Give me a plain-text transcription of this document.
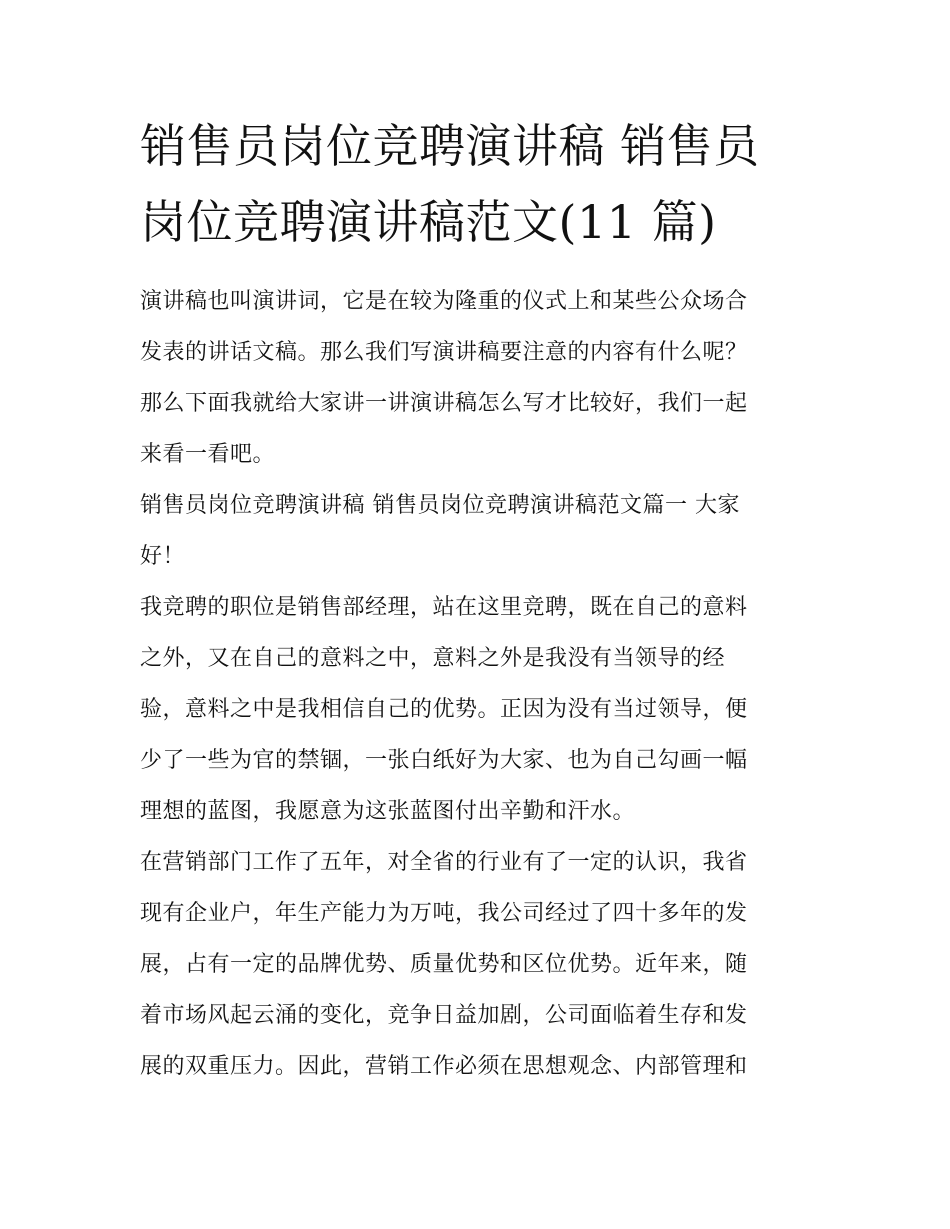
销售员岗位竞聘演讲稿 销售员
岗位竞聘演讲稿范文(11 篇)

演讲稿也叫演讲词，它是在较为隆重的仪式上和某些公众场合
发表的讲话文稿。那么我们写演讲稿要注意的内容有什么呢？
那么下面我就给大家讲一讲演讲稿怎么写才比较好，我们一起
来看一看吧。

销售员岗位竞聘演讲稿 销售员岗位竞聘演讲稿范文篇一 大家
好！

我竞聘的职位是销售部经理，站在这里竞聘，既在自己的意料
之外，又在自己的意料之中，意料之外是我没有当领导的经
验，意料之中是我相信自己的优势。正因为没有当过领导，便
少了一些为官的禁锢，一张白纸好为大家、也为自己勾画一幅
理想的蓝图，我愿意为这张蓝图付出辛勤和汗水。

在营销部门工作了五年，对全省的行业有了一定的认识，我省
现有企业户，年生产能力为万吨，我公司经过了四十多年的发
展，占有一定的品牌优势、质量优势和区位优势。近年来，随
着市场风起云涌的变化，竞争日益加剧，公司面临着生存和发
展的双重压力。因此，营销工作必须在思想观念、内部管理和
